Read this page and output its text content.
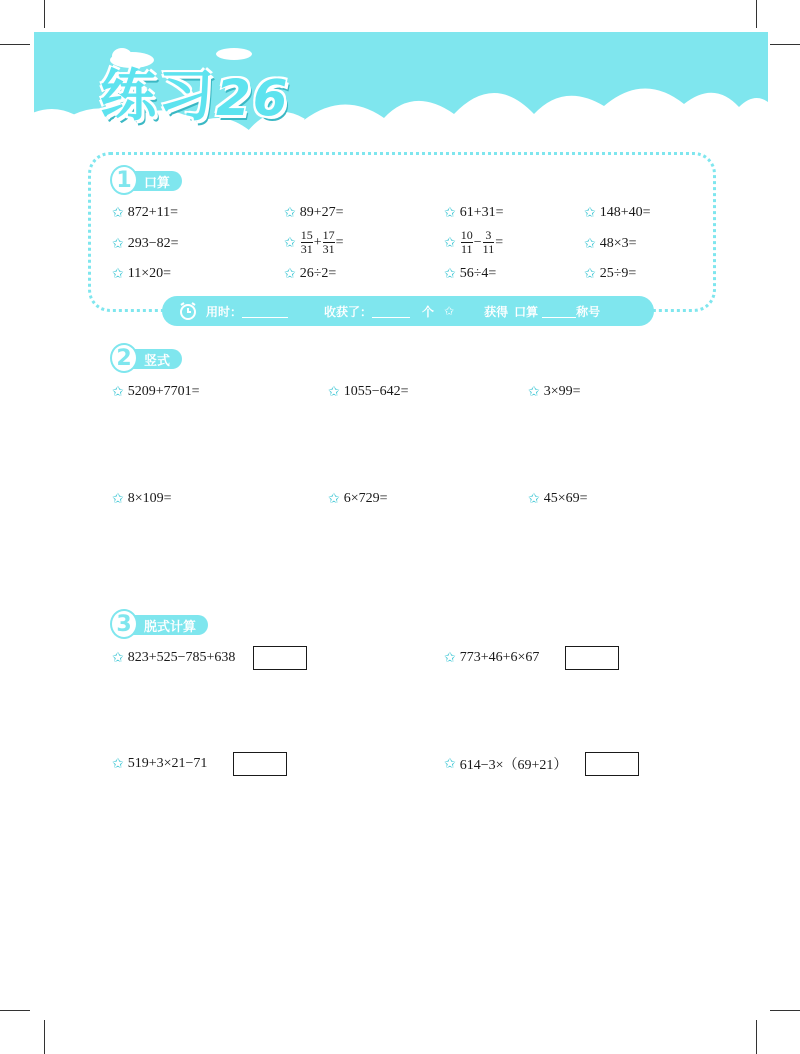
练习26
1 口算
✩ 872+11=	✩ 89+27=	✩ 61+31=	✩ 148+40=
✩ 293−82=	✩ $\frac{15}{31} + \frac{17}{31}$ =	✩ $\frac{10}{11} - \frac{3}{11}$ =	✩ 48×3=
✩ 11×20=	✩ 26÷2=	✩ 56÷4=	✩ 25÷9=
用时：	收获了：	个 ✩	获得 口算	称号
2 竖式
✩ 5209+7701=	✩ 1055−642=	✩ 3×99=
✩ 8×109=	✩ 6×729=	✩ 45×69=
3 脱式计算
✩ 823+525−785+638	✩ 773+46+6×67
✩ 519+3×21−71	✩ 614−3×（69+21）
